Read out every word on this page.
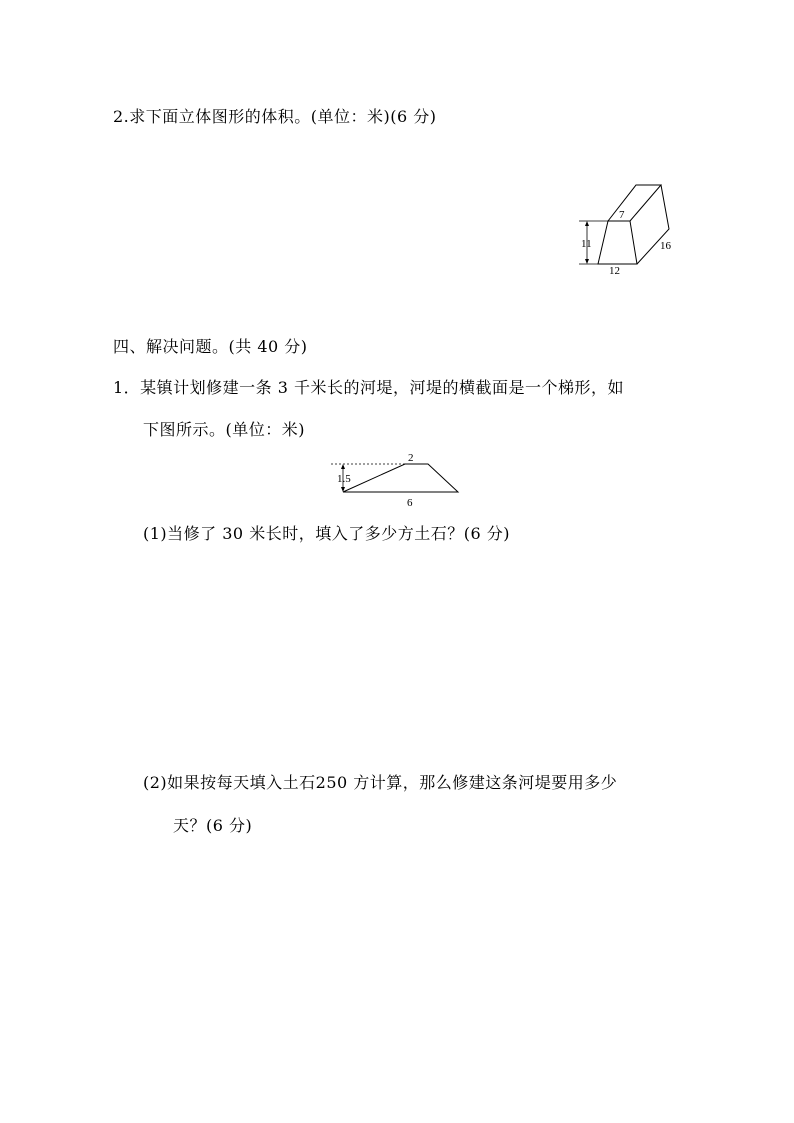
2.求下面立体图形的体积。(单位：米)(6 分)
7
11
12
16
四、解决问题。(共 40 分)
1．某镇计划修建一条 3 千米长的河堤，河堤的横截面是一个梯形，如
下图所示。(单位：米)
2
1.5
6
(1)当修了 30 米长时，填入了多少方土石？(6 分)
(2)如果按每天填入土石250 方计算，那么修建这条河堤要用多少
天？(6 分)
